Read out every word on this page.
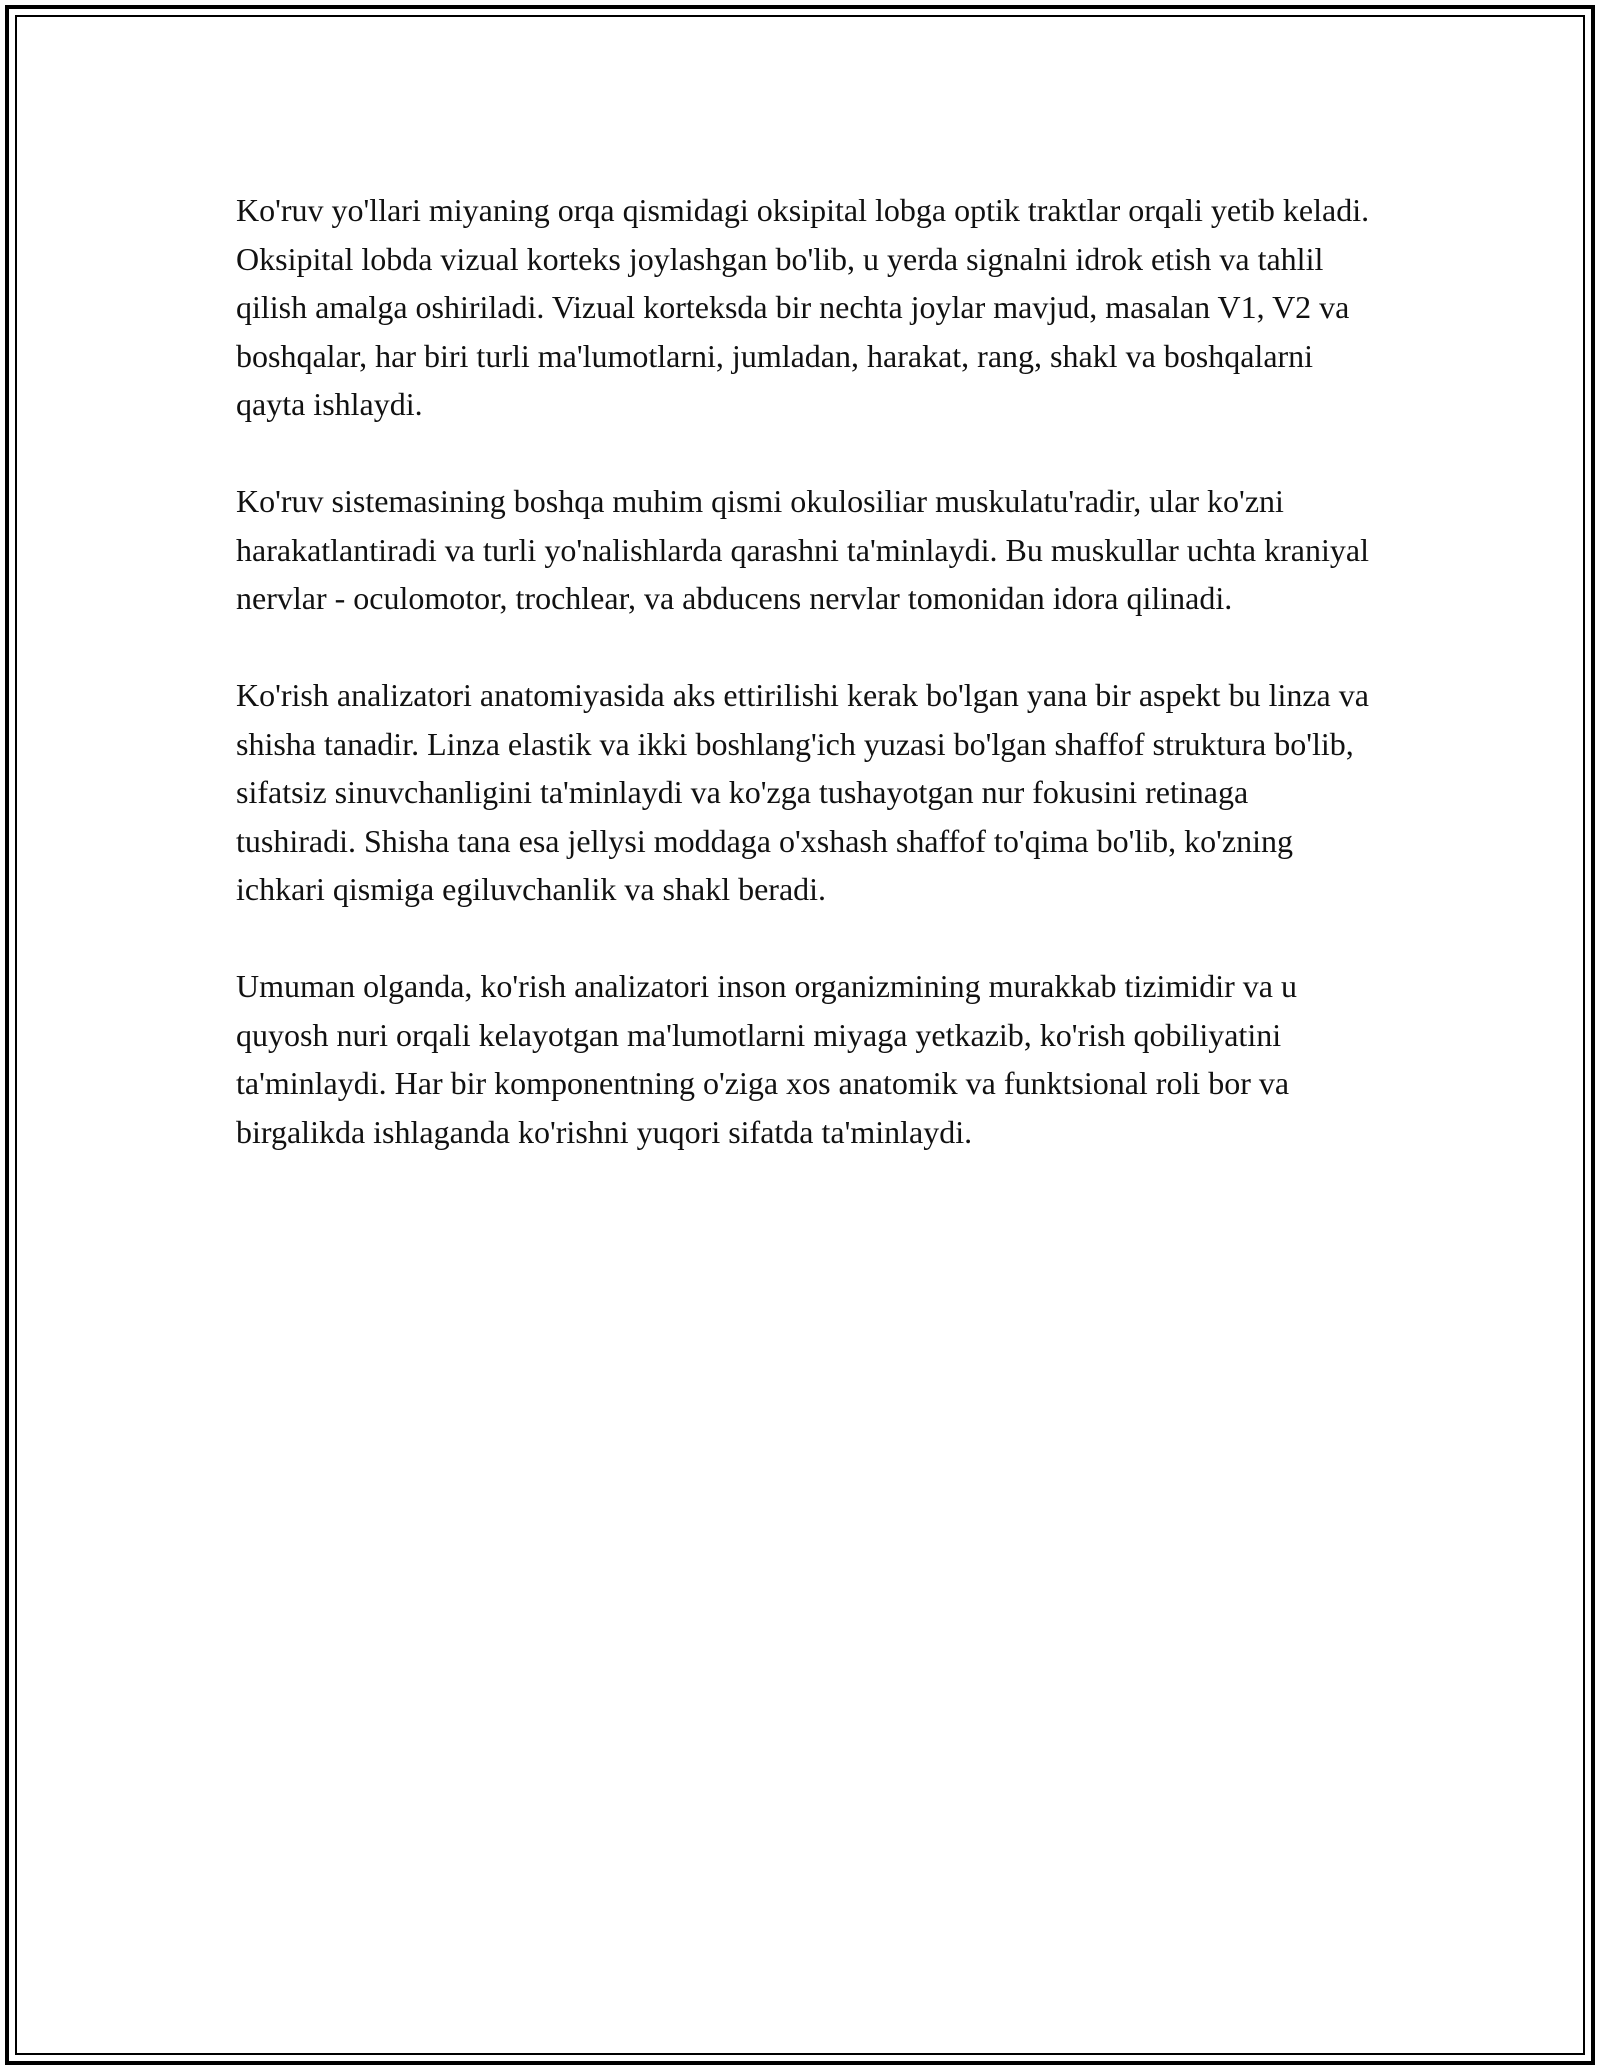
Ko'ruv yo'llari miyaning orqa qismidagi oksipital lobga optik traktlar orqali yetib keladi. Oksipital lobda vizual korteks joylashgan bo'lib, u yerda signalni idrok etish va tahlil qilish amalga oshiriladi. Vizual korteksda bir nechta joylar mavjud, masalan V1, V2 va boshqalar, har biri turli ma'lumotlarni, jumladan, harakat, rang, shakl va boshqalarni qayta ishlaydi.

Ko'ruv sistemasining boshqa muhim qismi okulosiliar muskulatu'radir, ular ko'zni harakatlantiradi va turli yo'nalishlarda qarashni ta'minlaydi. Bu muskullar uchta kraniyal nervlar - oculomotor, trochlear, va abducens nervlar tomonidan idora qilinadi.

Ko'rish analizatori anatomiyasida aks ettirilishi kerak bo'lgan yana bir aspekt bu linza va shisha tanadir. Linza elastik va ikki boshlang'ich yuzasi bo'lgan shaffof struktura bo'lib, sifatsiz sinuvchanligini ta'minlaydi va ko'zga tushayotgan nur fokusini retinaga tushiradi. Shisha tana esa jellysi moddaga o'xshash shaffof to'qima bo'lib, ko'zning ichkari qismiga egiluvchanlik va shakl beradi.

Umuman olganda, ko'rish analizatori inson organizmining murakkab tizimidir va u quyosh nuri orqali kelayotgan ma'lumotlarni miyaga yetkazib, ko'rish qobiliyatini ta'minlaydi. Har bir komponentning o'ziga xos anatomik va funktsional roli bor va birgalikda ishlaganda ko'rishni yuqori sifatda ta'minlaydi.
